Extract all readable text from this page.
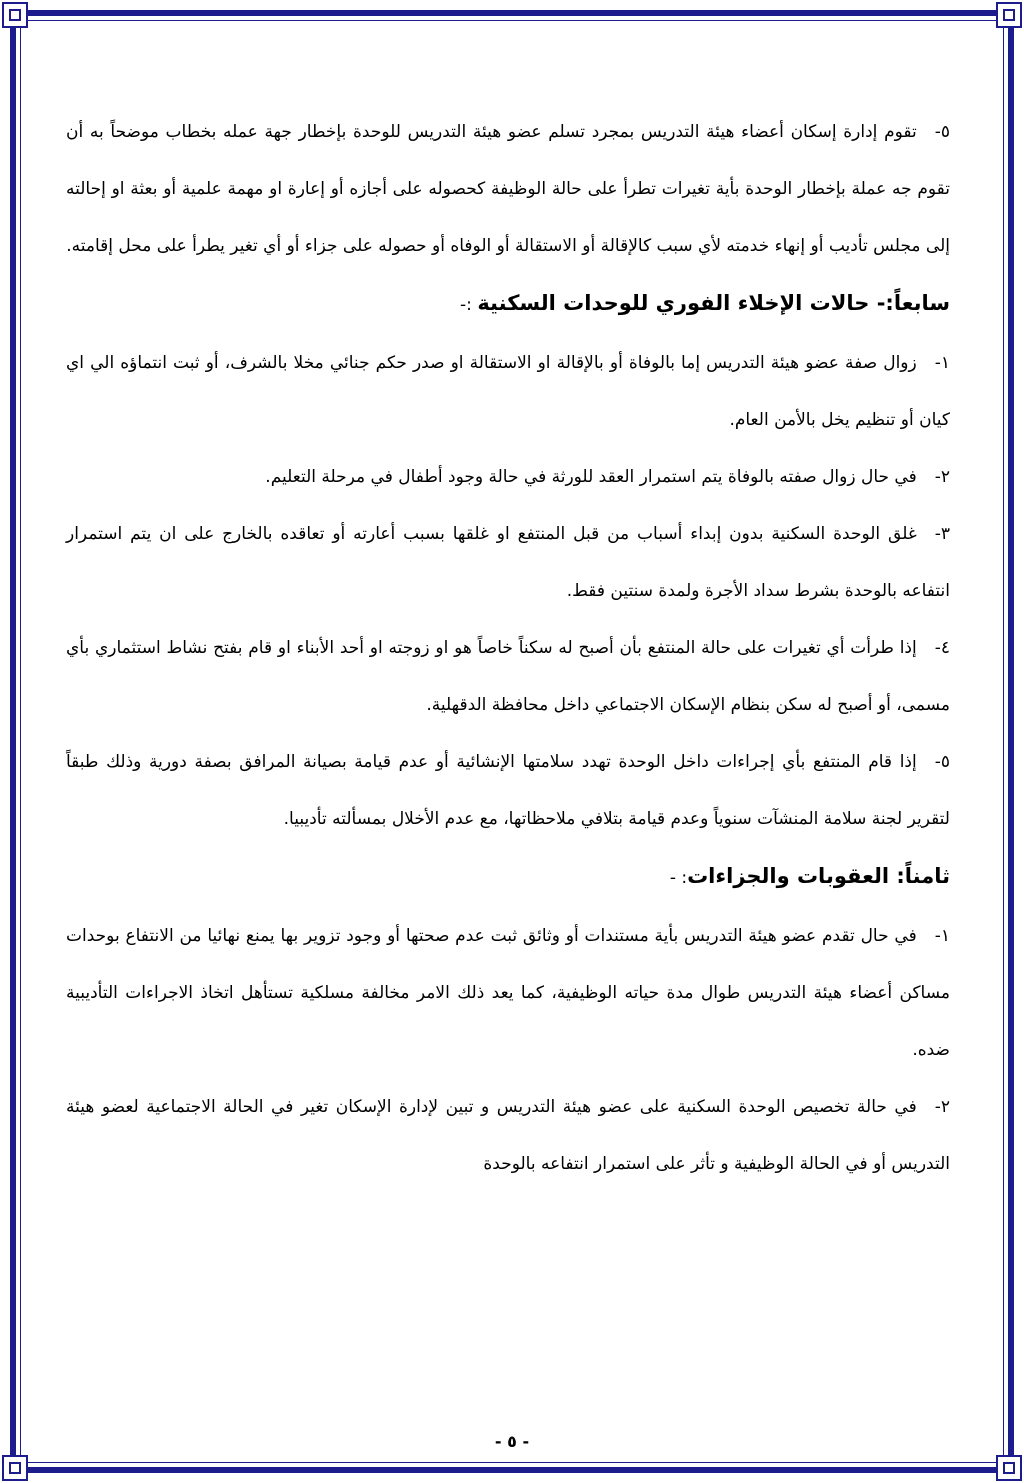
٥-تقوم إدارة إسكان أعضاء هيئة التدريس بمجرد تسلم عضو هيئة التدريس للوحدة بإخطار جهة عمله بخطاب موضحاً به أن تقوم جه عملة بإخطار الوحدة بأية تغيرات تطرأ على حالة الوظيفة كحصوله على أجازه أو إعارة او مهمة علمية أو بعثة او إحالته إلى مجلس تأديب أو إنهاء خدمته لأي سبب كالإقالة أو الاستقالة أو الوفاه أو حصوله على جزاء أو أي تغير يطرأ على محل إقامته.

سابعاً:- حالات الإخلاء الفوري للوحدات السكنية :-

١-زوال صفة عضو هيئة التدريس إما بالوفاة أو بالإقالة او الاستقالة او صدر حكم جنائي مخلا بالشرف، أو ثبت انتماؤه الي اي كيان أو تنظيم يخل بالأمن العام.

٢-في حال زوال صفته بالوفاة يتم استمرار العقد للورثة في حالة وجود أطفال في مرحلة التعليم.

٣-غلق الوحدة السكنية بدون إبداء أسباب من قبل المنتفع او غلقها بسبب أعارته أو تعاقده بالخارج على ان يتم استمرار انتفاعه بالوحدة بشرط سداد الأجرة ولمدة سنتين فقط.

٤-إذا طرأت أي تغيرات على حالة المنتفع بأن أصبح له سكناً خاصاً هو او زوجته او أحد الأبناء او قام بفتح نشاط استثماري بأي مسمى، أو أصبح له سكن بنظام الإسكان الاجتماعي داخل محافظة الدقهلية.

٥-إذا قام المنتفع بأي إجراءات داخل الوحدة تهدد سلامتها الإنشائية أو عدم قيامة بصيانة المرافق بصفة دورية وذلك طبقاً لتقرير لجنة سلامة المنشآت سنوياً وعدم قيامة بتلافي ملاحظاتها، مع عدم الأخلال بمسألته تأديبيا.

ثامناً: العقوبات والجزاءات: -

١-في حال تقدم عضو هيئة التدريس بأية مستندات أو وثائق ثبت عدم صحتها أو وجود تزوير بها يمنع نهائيا من الانتفاع بوحدات مساكن أعضاء هيئة التدريس طوال مدة حياته الوظيفية، كما يعد ذلك الامر مخالفة مسلكية تستأهل اتخاذ الاجراءات التأديبية ضده.

٢-في حالة تخصيص الوحدة السكنية على عضو هيئة التدريس و تبين لإدارة الإسكان تغير في الحالة الاجتماعية لعضو هيئة التدريس أو في الحالة الوظيفية و تأثر على استمرار انتفاعه بالوحدة

- ٥ -
